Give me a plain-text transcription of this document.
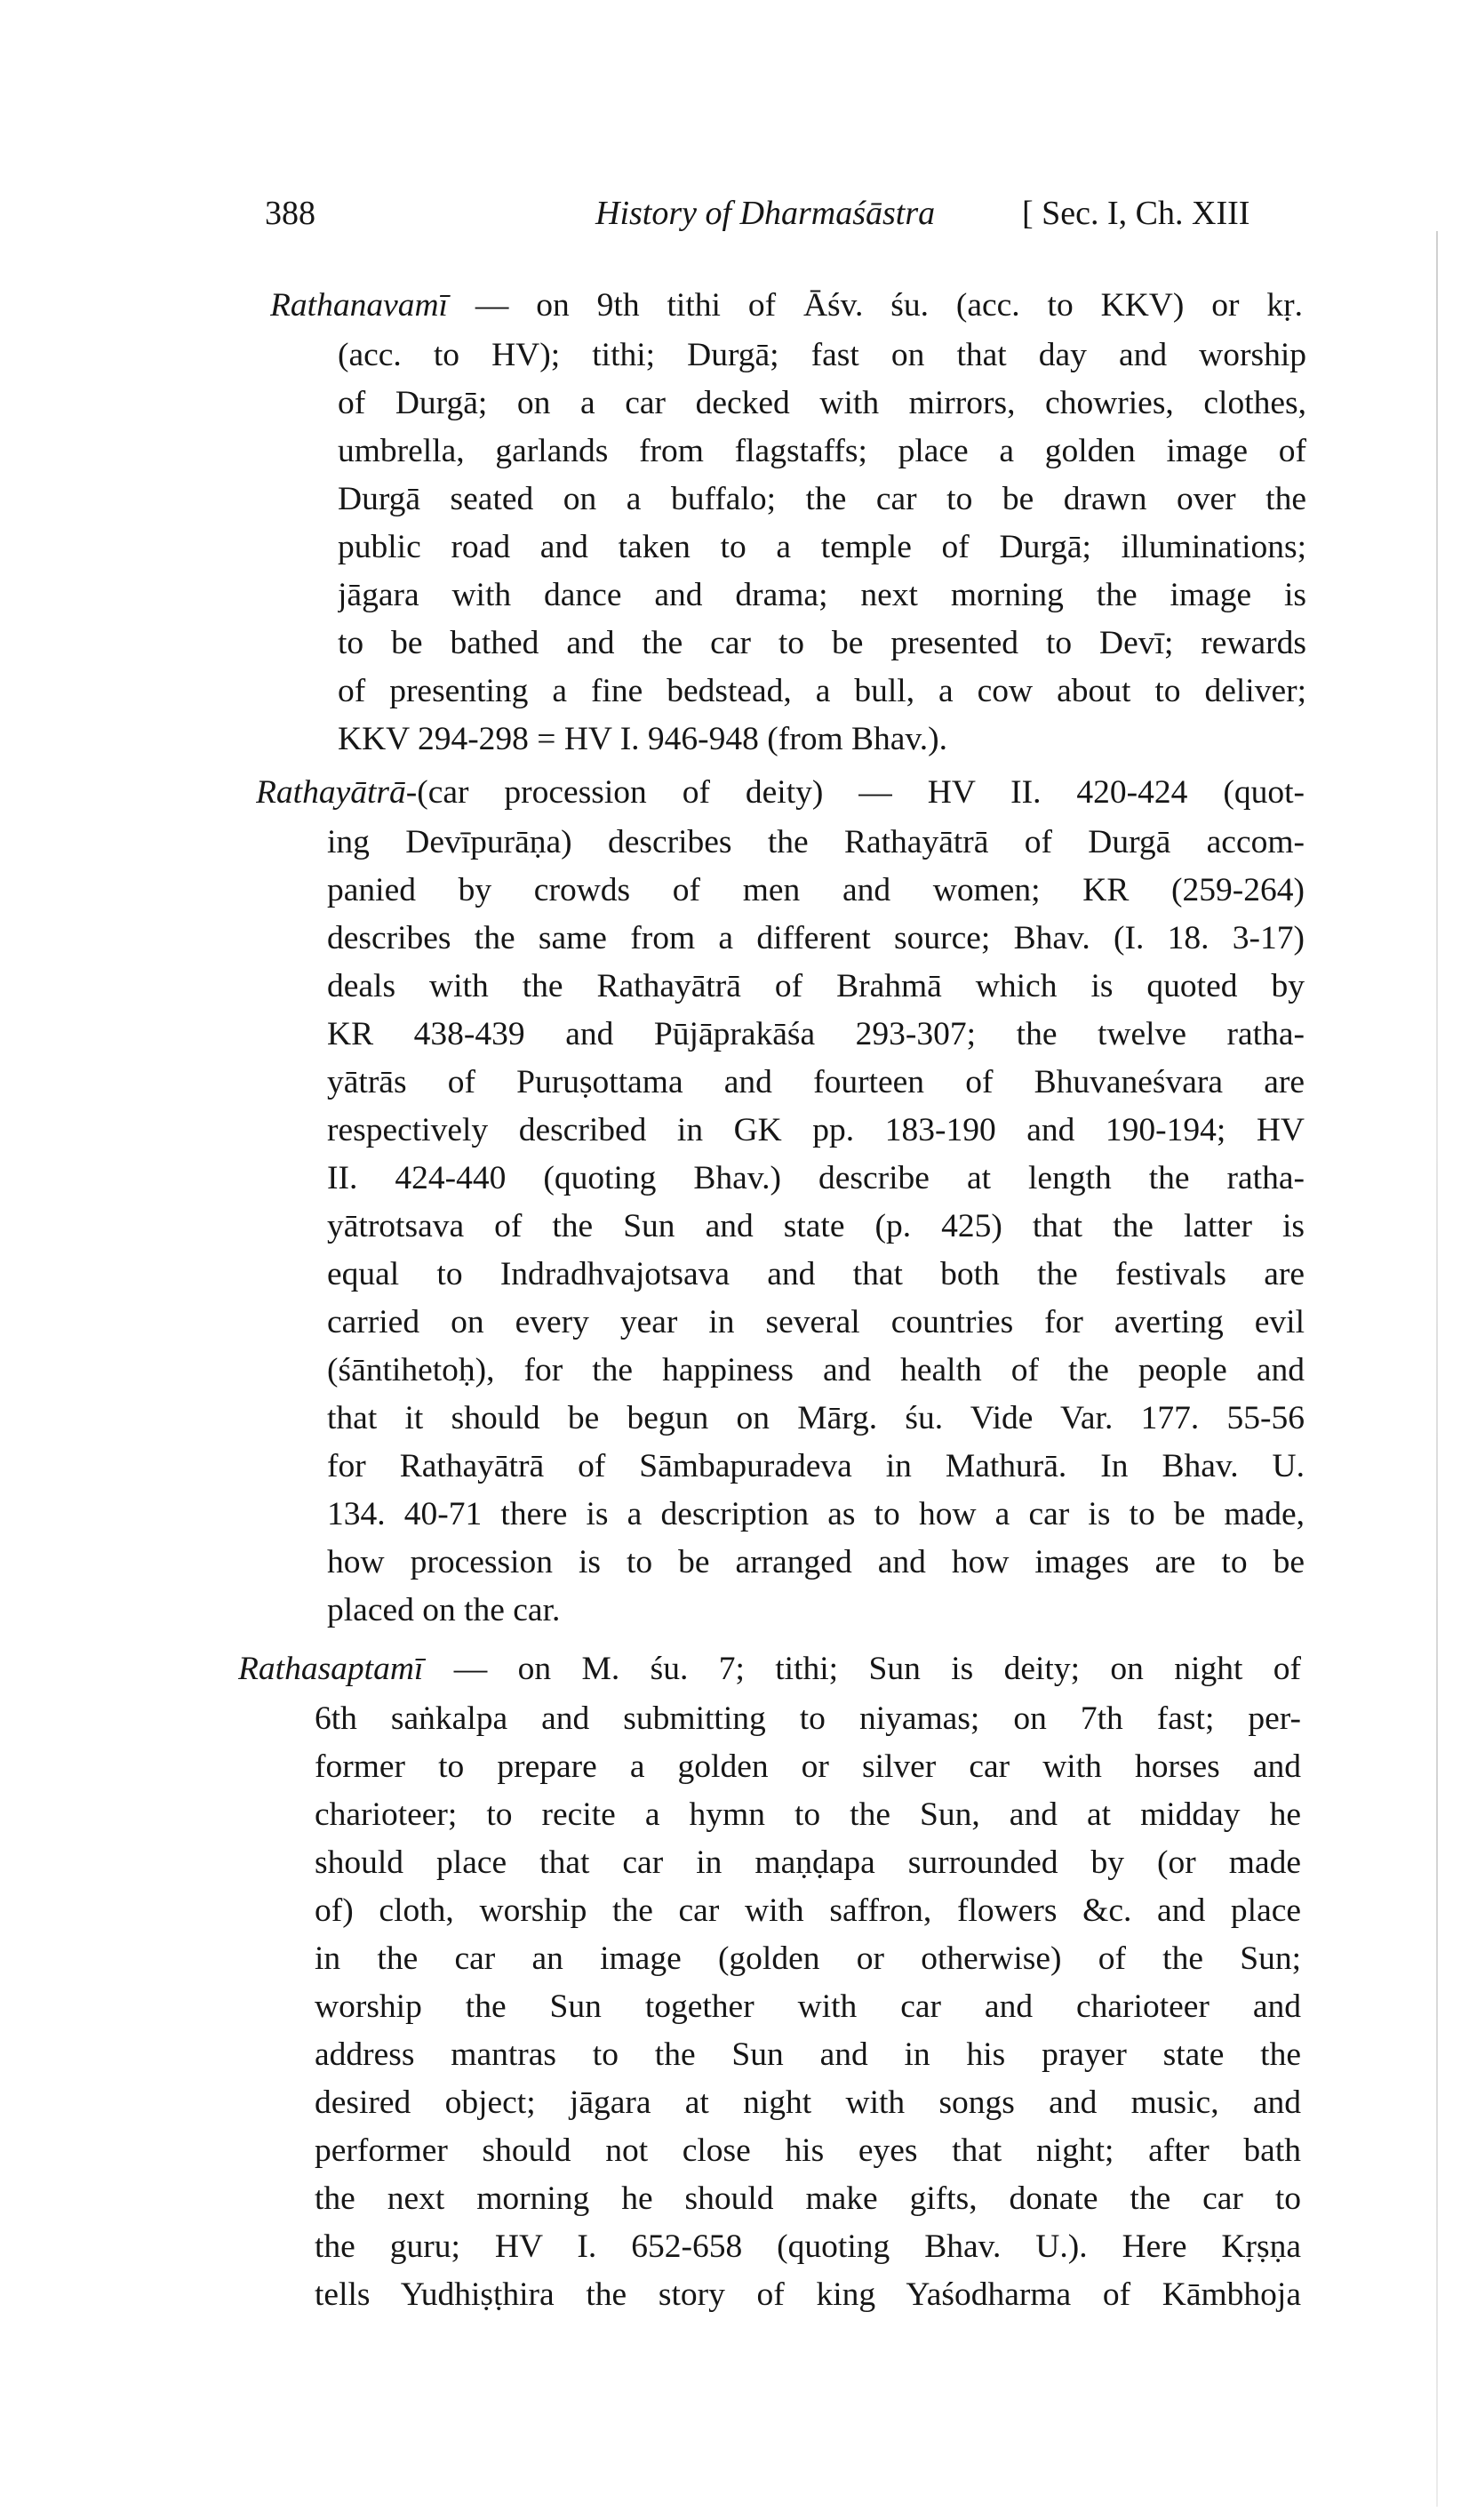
388	History of Dharmaśāstra	[ Sec. I, Ch. XIII
Rathanavamī — on 9th tithi of Āśv. śu. (acc. to KKV) or kṛ.
(acc. to HV); tithi; Durgā; fast on that day and worship
of Durgā; on a car decked with mirrors, chowries, clothes,
umbrella, garlands from flagstaffs; place a golden image of
Durgā seated on a buffalo; the car to be drawn over the
public road and taken to a temple of Durgā; illuminations;
jāgara with dance and drama; next morning the image is
to be bathed and the car to be presented to Devī; rewards
of presenting a fine bedstead, a bull, a cow about to deliver;
KKV 294-298 = HV I. 946-948 (from Bhav.).
Rathayātrā-(car procession of deity) — HV II. 420-424 (quot-
ing Devīpurāṇa) describes the Rathayātrā of Durgā accom-
panied by crowds of men and women; KR (259-264)
describes the same from a different source; Bhav. (I. 18. 3-17)
deals with the Rathayātrā of Brahmā which is quoted by
KR 438-439 and Pūjāprakāśa 293-307; the twelve ratha-
yātrās of Puruṣottama and fourteen of Bhuvaneśvara are
respectively described in GK pp. 183-190 and 190-194; HV
II. 424-440 (quoting Bhav.) describe at length the ratha-
yātrotsava of the Sun and state (p. 425) that the latter is
equal to Indradhvajotsava and that both the festivals are
carried on every year in several countries for averting evil
(śāntihetoḥ), for the happiness and health of the people and
that it should be begun on Mārg. śu. Vide Var. 177. 55-56
for Rathayātrā of Sāmbapuradeva in Mathurā. In Bhav. U.
134. 40-71 there is a description as to how a car is to be made,
how procession is to be arranged and how images are to be
placed on the car.
Rathasaptamī — on M. śu. 7; tithi; Sun is deity; on night of
6th saṅkalpa and submitting to niyamas; on 7th fast; per-
former to prepare a golden or silver car with horses and
charioteer; to recite a hymn to the Sun, and at midday he
should place that car in maṇḍapa surrounded by (or made
of) cloth, worship the car with saffron, flowers &c. and place
in the car an image (golden or otherwise) of the Sun;
worship the Sun together with car and charioteer and
address mantras to the Sun and in his prayer state the
desired object; jāgara at night with songs and music, and
performer should not close his eyes that night; after bath
the next morning he should make gifts, donate the car to
the guru; HV I. 652-658 (quoting Bhav. U.). Here Kṛṣṇa
tells Yudhiṣṭhira the story of king Yaśodharma of Kāmbhoja
